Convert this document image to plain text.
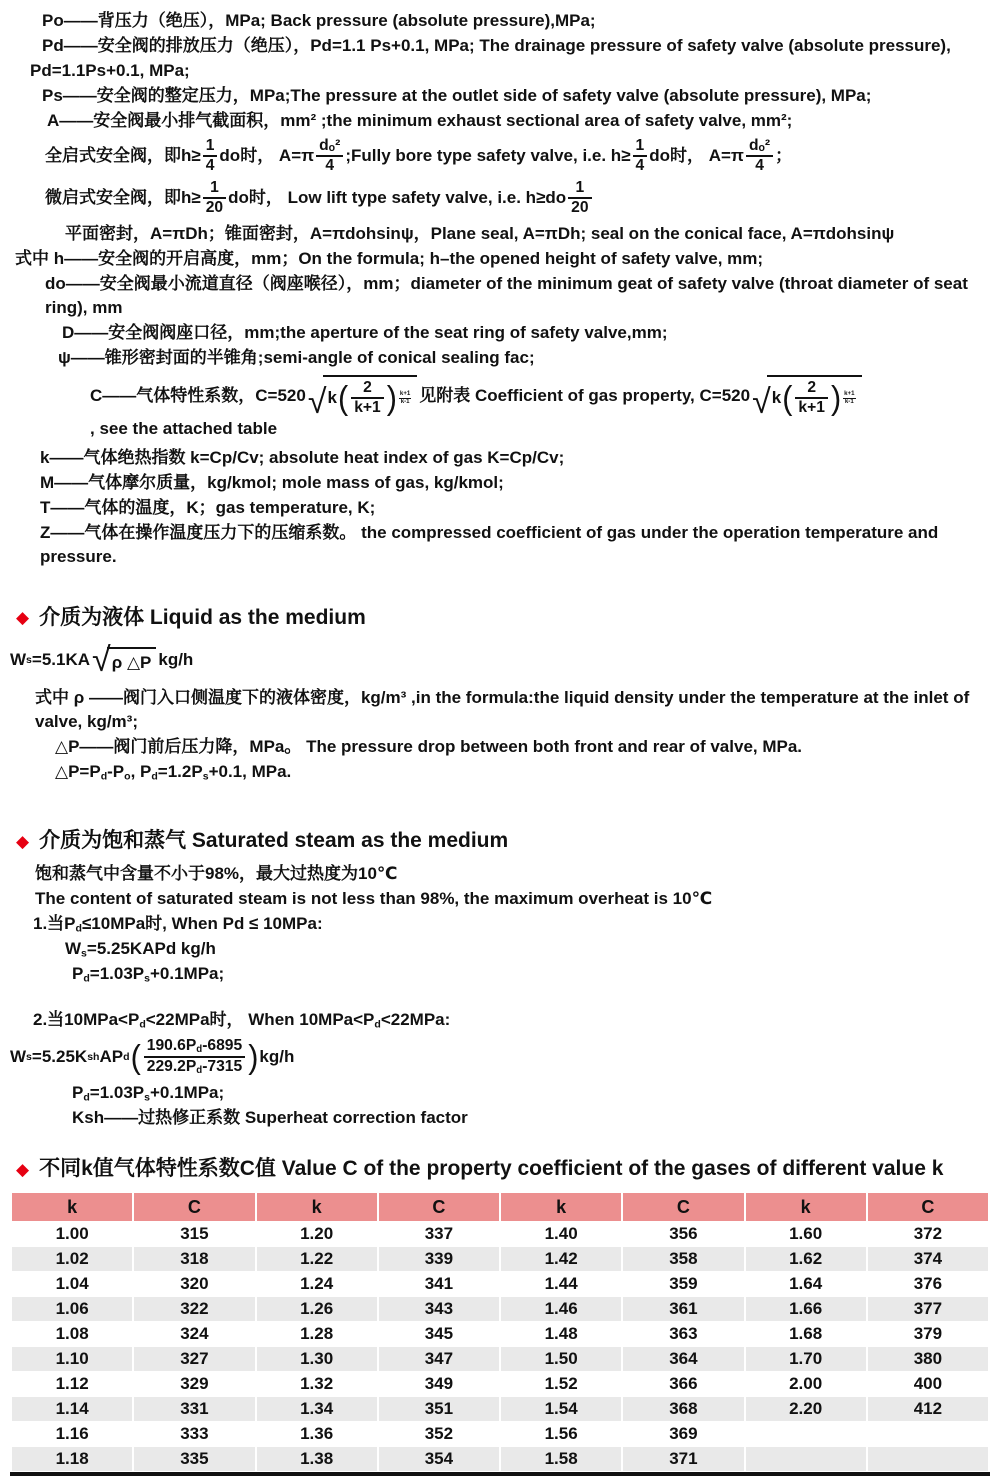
Po——背压力（绝压），MPa; Back pressure (absolute pressure),MPa;
Pd——安全阀的排放压力（绝压），Pd=1.1 Ps+0.1, MPa; The drainage pressure of safety valve (absolute pressure),
Pd=1.1Ps+0.1, MPa;
Ps——安全阀的整定压力，MPa;The pressure at the outlet side of safety valve (absolute pressure), MPa;
A——安全阀最小排气截面积，mm² ;the minimum exhaust sectional area of safety valve, mm²;
全启式安全阀，即$h\ge \frac{1}{4}$ do时， $A=\pi \frac{\text{dₒ²}}{4}$ ;Fully bore type safety valve, i.e. $h\ge \frac{1}{4}$ do时， $A=\pi \frac{\text{dₒ²}}{4}$ ；
微启式安全阀，即$h\ge \frac{1}{20}$ do时， Low lift type safety valve, i.e. $h\ge do \frac{1}{20}$
平面密封，A=πDh；锥面密封，A=πdohsinψ，Plane seal, A=πDh; seal on the conical face, A=πdohsinψ
式中 h——安全阀的开启高度，mm；On the formula; h–the opened height of safety valve, mm;
do——安全阀最小流道直径（阀座喉径），mm；diameter of the minimum geat of safety valve (throat diameter of seat ring), mm
D——安全阀阀座口径，mm;the aperture of the seat ring of safety valve,mm;
ψ——锥形密封面的半锥角;semi-angle of conical sealing fac;
C——气体特性系数，C=520 √ k ( $\frac{2}{k+1}$ ) $\frac{k+1}{k-1}$ 见附表 Coefficient of gas property, C=520 √ k ( $\frac{2}{k+1}$ ) $\frac{k+1}{k-1}$
, see the attached table
k——气体绝热指数 k=Cp/Cv; absolute heat index of gas K=Cp/Cv;
M——气体摩尔质量，kg/kmol; mole mass of gas, kg/kmol;
T——气体的温度，K；gas temperature, K;
Z——气体在操作温度压力下的压缩系数。 the compressed coefficient of gas under the operation temperature and pressure.
◆ 介质为液体 Liquid as the medium
W s =5.1KA √ ρ △P kg/h
式中 ρ ——阀门入口侧温度下的液体密度，kg/m³ ,in the formula:the liquid density under the temperature at the inlet of valve, kg/m³;
△P——阀门前后压力降，MPa。 The pressure drop between both front and rear of valve, MPa.
$\triangle P=P_d-P_o$, $P_d=1.2P_s+0.1$, MPa.
◆ 介质为饱和蒸气 Saturated steam as the medium
饱和蒸气中含量不小于98%，最大过热度为10℃
The content of saturated steam is not less than 98%, the maximum overheat is 10℃
1.当$P_d\le 10MPa$时, When Pd ≤ 10MPa:
$W_s=5.25KAPd$ kg/h
$P_d=1.03P_s+0.1MPa$;
2.当$10MPa<P_d<22MPa$时， When $10MPa<P_d<22MPa$:
W s =5.25K sh AP d ( $\frac{190.6P_d-6895}{229.2P_d-7315}$ ) kg/h
$P_d=1.03P_s+0.1MPa$;
Ksh——过热修正系数 Superheat correction factor
◆ 不同k值气体特性系数C值 Value C of the property coefficient of the gases of different value k
k	C	k	C	k	C	k	C
1.00	315	1.20	337	1.40	356	1.60	372
1.02	318	1.22	339	1.42	358	1.62	374
1.04	320	1.24	341	1.44	359	1.64	376
1.06	322	1.26	343	1.46	361	1.66	377
1.08	324	1.28	345	1.48	363	1.68	379
1.10	327	1.30	347	1.50	364	1.70	380
1.12	329	1.32	349	1.52	366	2.00	400
1.14	331	1.34	351	1.54	368	2.20	412
1.16	333	1.36	352	1.56	369		
1.18	335	1.38	354	1.58	371		
